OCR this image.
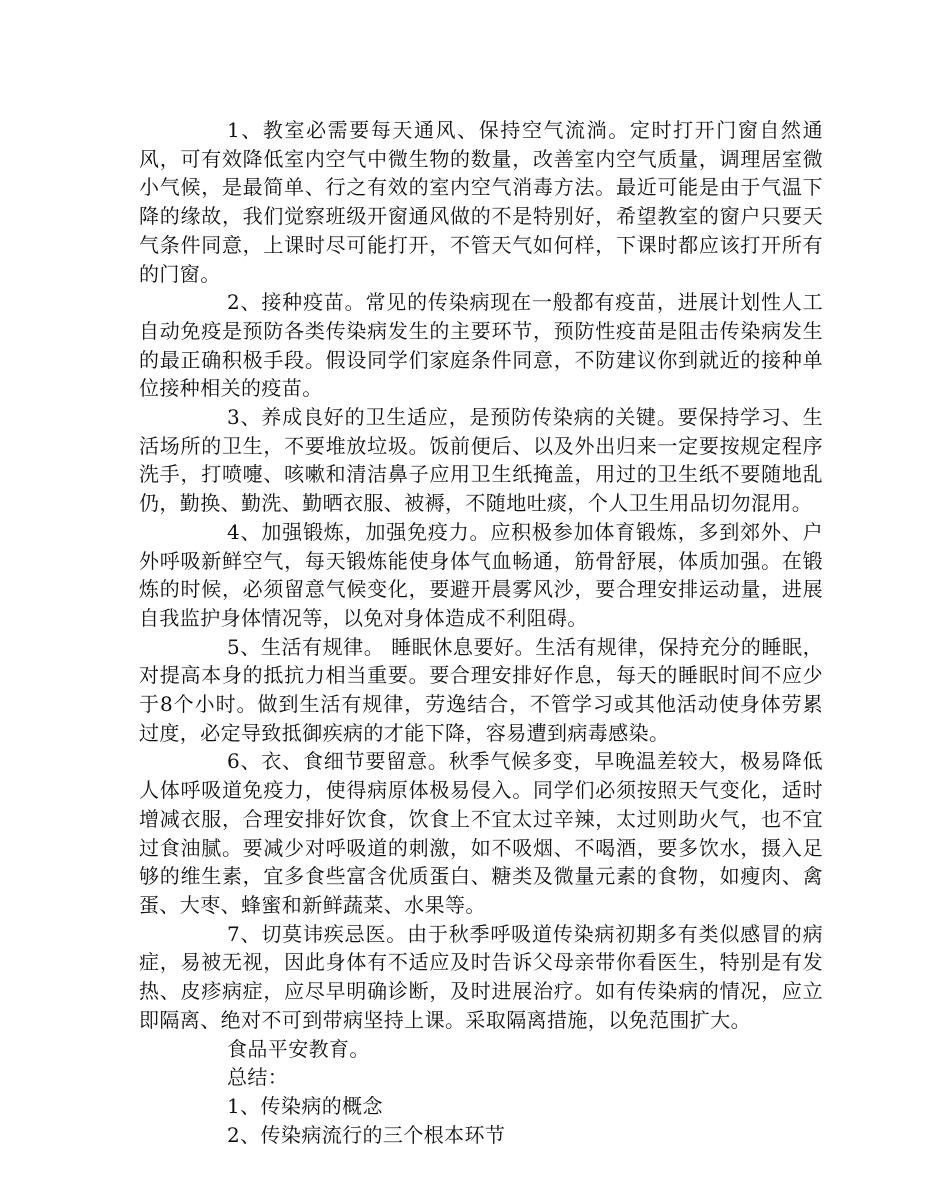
1、教室必需要每天通风、保持空气流淌。定时打开门窗自然通风，可有效降低室内空气中微生物的数量，改善室内空气质量，调理居室微小气候，是最简单、行之有效的室内空气消毒方法。最近可能是由于气温下降的缘故，我们觉察班级开窗通风做的不是特别好，希望教室的窗户只要天气条件同意，上课时尽可能打开，不管天气如何样，下课时都应该打开所有的门窗。

2、接种疫苗。常见的传染病现在一般都有疫苗，进展计划性人工自动免疫是预防各类传染病发生的主要环节，预防性疫苗是阻击传染病发生的最正确积极手段。假设同学们家庭条件同意，不防建议你到就近的接种单位接种相关的疫苗。

3、养成良好的卫生适应，是预防传染病的关键。要保持学习、生活场所的卫生，不要堆放垃圾。饭前便后、以及外出归来一定要按规定程序洗手，打喷嚏、咳嗽和清洁鼻子应用卫生纸掩盖，用过的卫生纸不要随地乱仍，勤换、勤洗、勤晒衣服、被褥，不随地吐痰，个人卫生用品切勿混用。

4、加强锻炼，加强免疫力。应积极参加体育锻炼，多到郊外、户外呼吸新鲜空气，每天锻炼能使身体气血畅通，筋骨舒展，体质加强。在锻炼的时候，必须留意气候变化，要避开晨雾风沙，要合理安排运动量，进展自我监护身体情况等，以免对身体造成不利阻碍。

5、生活有规律。 睡眠休息要好。生活有规律，保持充分的睡眠，对提高本身的抵抗力相当重要。要合理安排好作息，每天的睡眠时间不应少于8个小时。做到生活有规律，劳逸结合，不管学习或其他活动使身体劳累过度，必定导致抵御疾病的才能下降，容易遭到病毒感染。

6、衣、食细节要留意。秋季气候多变，早晚温差较大，极易降低人体呼吸道免疫力，使得病原体极易侵入。同学们必须按照天气变化，适时增减衣服，合理安排好饮食，饮食上不宜太过辛辣，太过则助火气，也不宜过食油腻。要减少对呼吸道的刺激，如不吸烟、不喝酒，要多饮水，摄入足够的维生素，宜多食些富含优质蛋白、糖类及微量元素的食物，如瘦肉、禽蛋、大枣、蜂蜜和新鲜蔬菜、水果等。

7、切莫讳疾忌医。由于秋季呼吸道传染病初期多有类似感冒的病症，易被无视，因此身体有不适应及时告诉父母亲带你看医生，特别是有发热、皮疹病症，应尽早明确诊断，及时进展治疗。如有传染病的情况，应立即隔离、绝对不可到带病坚持上课。采取隔离措施，以免范围扩大。

食品平安教育。

总结：

1、传染病的概念

2、传染病流行的三个根本环节
